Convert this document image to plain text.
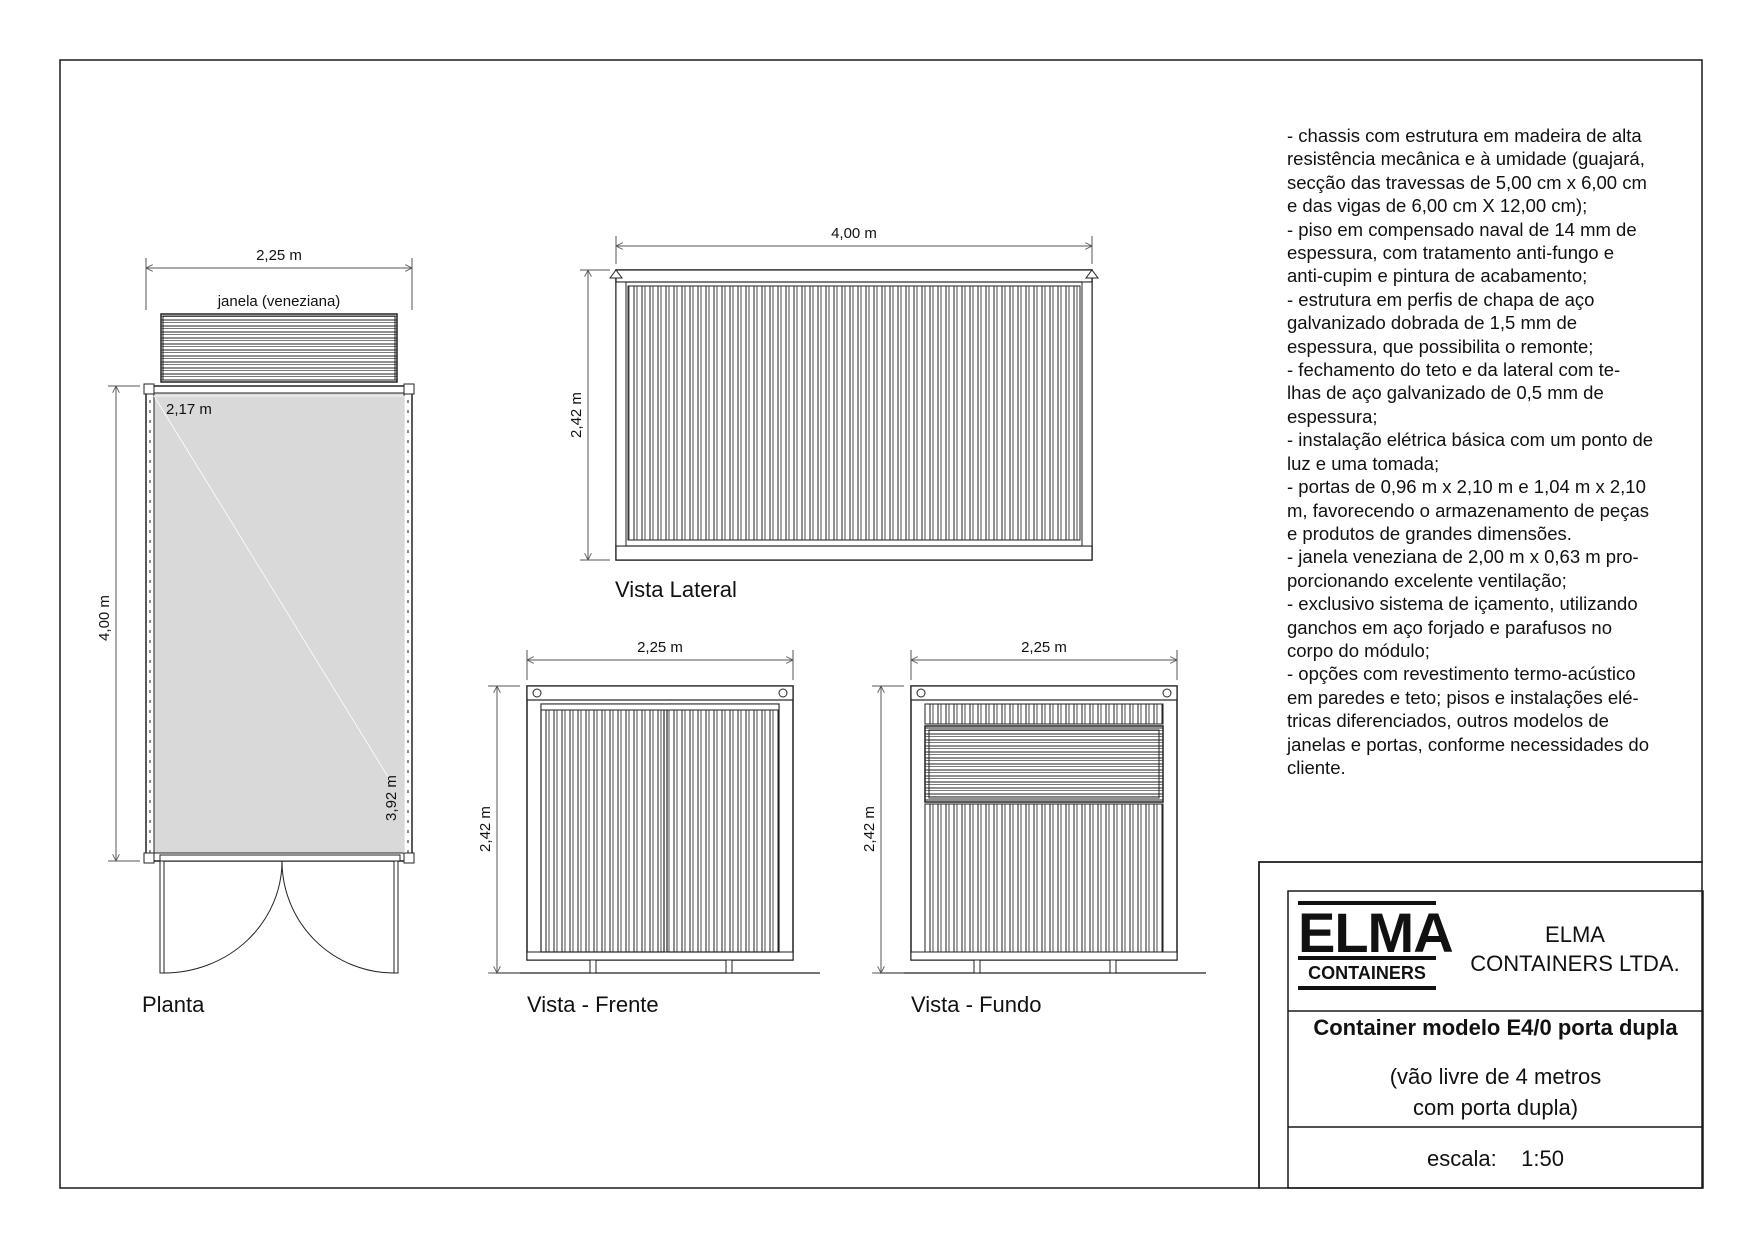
2,25 m
janela (veneziana)
2,17 m
4,00 m
3,92 m
Planta
4,00 m
2,42 m
Vista Lateral
2,25 m
2,42 m
Vista - Frente
2,25 m
2,42 m
Vista - Fundo
- chassis com estrutura em madeira de alta
resistência mecânica e à umidade (guajará,
secção das travessas de 5,00 cm x 6,00 cm
e das vigas de 6,00 cm X 12,00 cm);
- piso em compensado naval de 14 mm de
espessura, com tratamento anti-fungo e
anti-cupim e pintura de acabamento;
- estrutura em perfis de chapa de aço
galvanizado dobrada de 1,5 mm de
espessura, que possibilita o remonte;
- fechamento do teto e da lateral com te-
lhas de aço galvanizado de 0,5 mm de
espessura;
- instalação elétrica básica com um ponto de
luz e uma tomada;
- portas de 0,96 m x 2,10 m e 1,04 m x 2,10
m, favorecendo o armazenamento de peças
e produtos de grandes dimensões.
- janela veneziana de 2,00 m x 0,63 m pro-
porcionando excelente ventilação;
- exclusivo sistema de içamento, utilizando
ganchos em aço forjado e parafusos no
corpo do módulo;
- opções com revestimento termo-acústico
em paredes e teto; pisos e instalações elé-
tricas diferenciados, outros modelos de
janelas e portas, conforme necessidades do
cliente.
ELMA
CONTAINERS
ELMA
CONTAINERS LTDA.
Container modelo E4/0 porta dupla
(vão livre de 4 metros
com porta dupla)
escala:    1:50
